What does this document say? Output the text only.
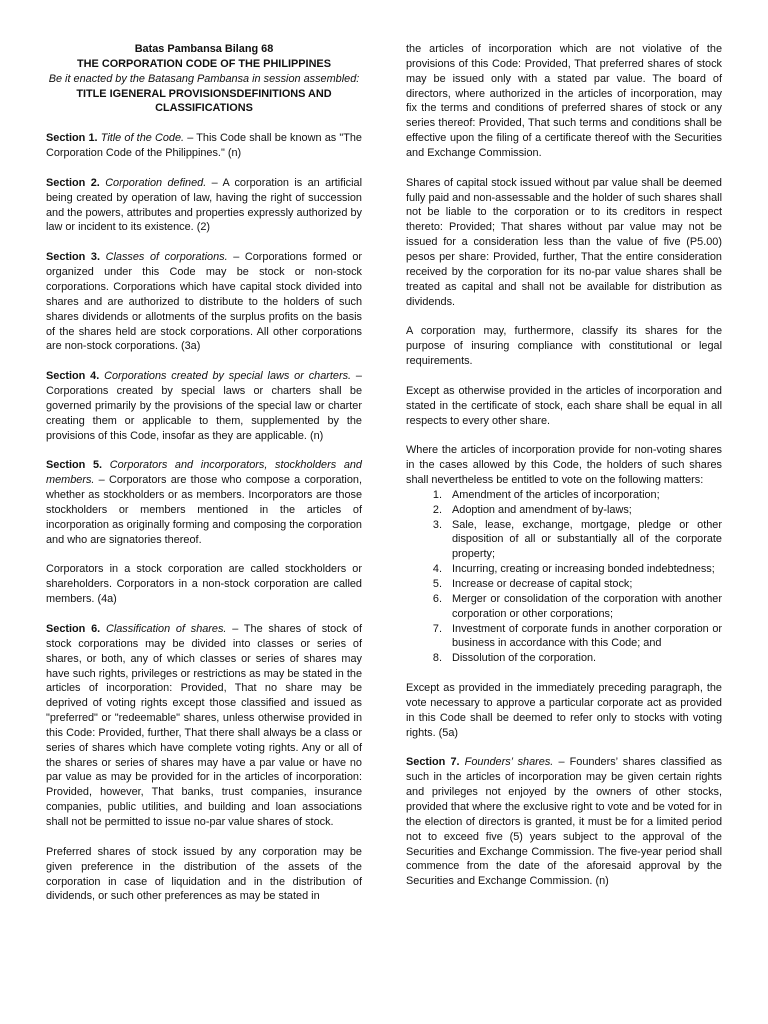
Batas Pambansa Bilang 68
THE CORPORATION CODE OF THE PHILIPPINES
Be it enacted by the Batasang Pambansa in session assembled:
TITLE IGENERAL PROVISIONSDEFINITIONS AND CLASSIFICATIONS

Section 1. Title of the Code. – This Code shall be known as "The Corporation Code of the Philippines." (n)

Section 2. Corporation defined. – A corporation is an artificial being created by operation of law, having the right of succession and the powers, attributes and properties expressly authorized by law or incident to its existence. (2)

Section 3. Classes of corporations. – Corporations formed or organized under this Code may be stock or non-stock corporations. Corporations which have capital stock divided into shares and are authorized to distribute to the holders of such shares dividends or allotments of the surplus profits on the basis of the shares held are stock corporations. All other corporations are non-stock corporations. (3a)

Section 4. Corporations created by special laws or charters. – Corporations created by special laws or charters shall be governed primarily by the provisions of the special law or charter creating them or applicable to them, supplemented by the provisions of this Code, insofar as they are applicable. (n)

Section 5. Corporators and incorporators, stockholders and members. – Corporators are those who compose a corporation, whether as stockholders or as members. Incorporators are those stockholders or members mentioned in the articles of incorporation as originally forming and composing the corporation and who are signatories thereof.

Corporators in a stock corporation are called stockholders or shareholders. Corporators in a non-stock corporation are called members. (4a)

Section 6. Classification of shares. – The shares of stock of stock corporations may be divided into classes or series of shares, or both, any of which classes or series of shares may have such rights, privileges or restrictions as may be stated in the articles of incorporation: Provided, That no share may be deprived of voting rights except those classified and issued as "preferred" or "redeemable" shares, unless otherwise provided in this Code: Provided, further, That there shall always be a class or series of shares which have complete voting rights. Any or all of the shares or series of shares may have a par value or have no par value as may be provided for in the articles of incorporation: Provided, however, That banks, trust companies, insurance companies, public utilities, and building and loan associations shall not be permitted to issue no-par value shares of stock.

Preferred shares of stock issued by any corporation may be given preference in the distribution of the assets of the corporation in case of liquidation and in the distribution of dividends, or such other preferences as may be stated in

the articles of incorporation which are not violative of the provisions of this Code: Provided, That preferred shares of stock may be issued only with a stated par value. The board of directors, where authorized in the articles of incorporation, may fix the terms and conditions of preferred shares of stock or any series thereof: Provided, That such terms and conditions shall be effective upon the filing of a certificate thereof with the Securities and Exchange Commission.

Shares of capital stock issued without par value shall be deemed fully paid and non-assessable and the holder of such shares shall not be liable to the corporation or to its creditors in respect thereto: Provided; That shares without par value may not be issued for a consideration less than the value of five (P5.00) pesos per share: Provided, further, That the entire consideration received by the corporation for its no-par value shares shall be treated as capital and shall not be available for distribution as dividends.

A corporation may, furthermore, classify its shares for the purpose of insuring compliance with constitutional or legal requirements.

Except as otherwise provided in the articles of incorporation and stated in the certificate of stock, each share shall be equal in all respects to every other share.

Where the articles of incorporation provide for non-voting shares in the cases allowed by this Code, the holders of such shares shall nevertheless be entitled to vote on the following matters:

1. Amendment of the articles of incorporation;
2. Adoption and amendment of by-laws;
3. Sale, lease, exchange, mortgage, pledge or other disposition of all or substantially all of the corporate property;
4. Incurring, creating or increasing bonded indebtedness;
5. Increase or decrease of capital stock;
6. Merger or consolidation of the corporation with another corporation or other corporations;
7. Investment of corporate funds in another corporation or business in accordance with this Code; and
8. Dissolution of the corporation.

Except as provided in the immediately preceding paragraph, the vote necessary to approve a particular corporate act as provided in this Code shall be deemed to refer only to stocks with voting rights. (5a)

Section 7. Founders’ shares. – Founders’ shares classified as such in the articles of incorporation may be given certain rights and privileges not enjoyed by the owners of other stocks, provided that where the exclusive right to vote and be voted for in the election of directors is granted, it must be for a limited period not to exceed five (5) years subject to the approval of the Securities and Exchange Commission. The five-year period shall commence from the date of the aforesaid approval by the Securities and Exchange Commission. (n)
